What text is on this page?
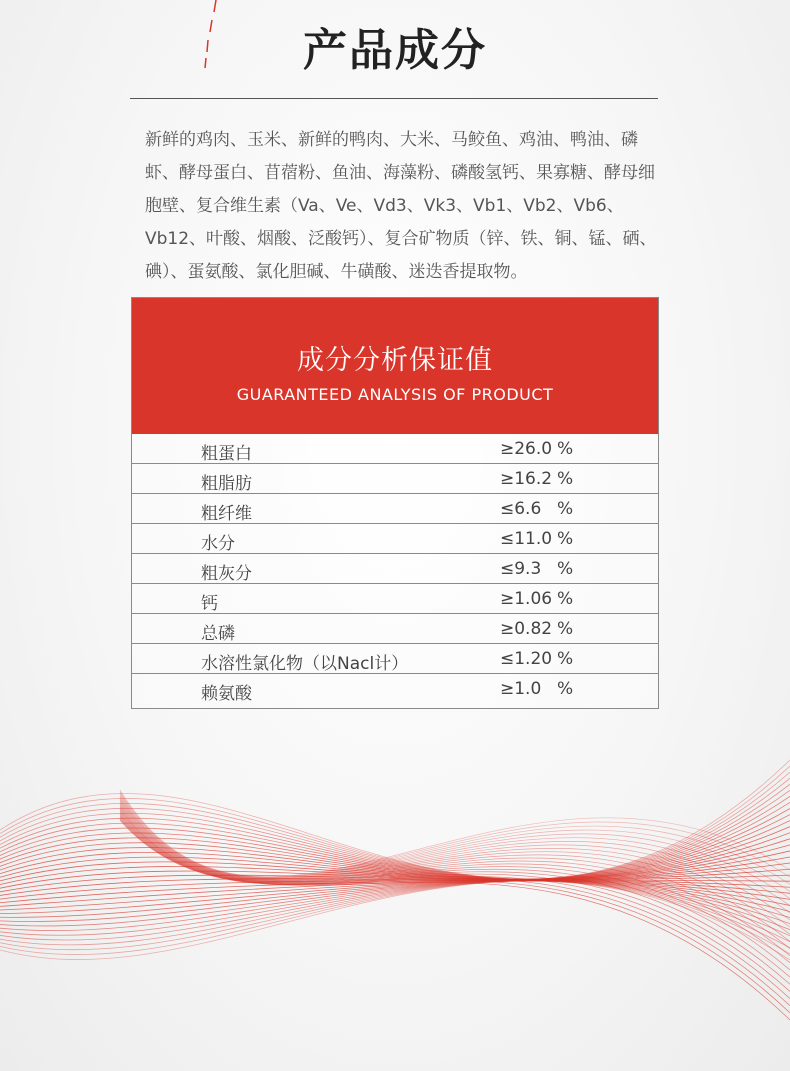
产品成分

新鲜的鸡肉、玉米、新鲜的鸭肉、大米、马鲛鱼、鸡油、鸭油、磷虾、酵母蛋白、苜蓿粉、鱼油、海藻粉、磷酸氢钙、果寡糖、酵母细胞壁、复合维生素（Va、Ve、Vd3、Vk3、Vb1、Vb2、Vb6、Vb12、叶酸、烟酸、泛酸钙）、复合矿物质（锌、铁、铜、锰、硒、碘）、蛋氨酸、氯化胆碱、牛磺酸、迷迭香提取物。

成分分析保证值
GUARANTEED ANALYSIS OF PRODUCT
粗蛋白	≥26.0 %
粗脂肪	≥16.2 %
粗纤维	≤6.6 %
水分	≤11.0 %
粗灰分	≤9.3 %
钙	≥1.06 %
总磷	≥0.82 %
水溶性氯化物（以Nacl计）	≤1.20 %
赖氨酸	≥1.0 %
